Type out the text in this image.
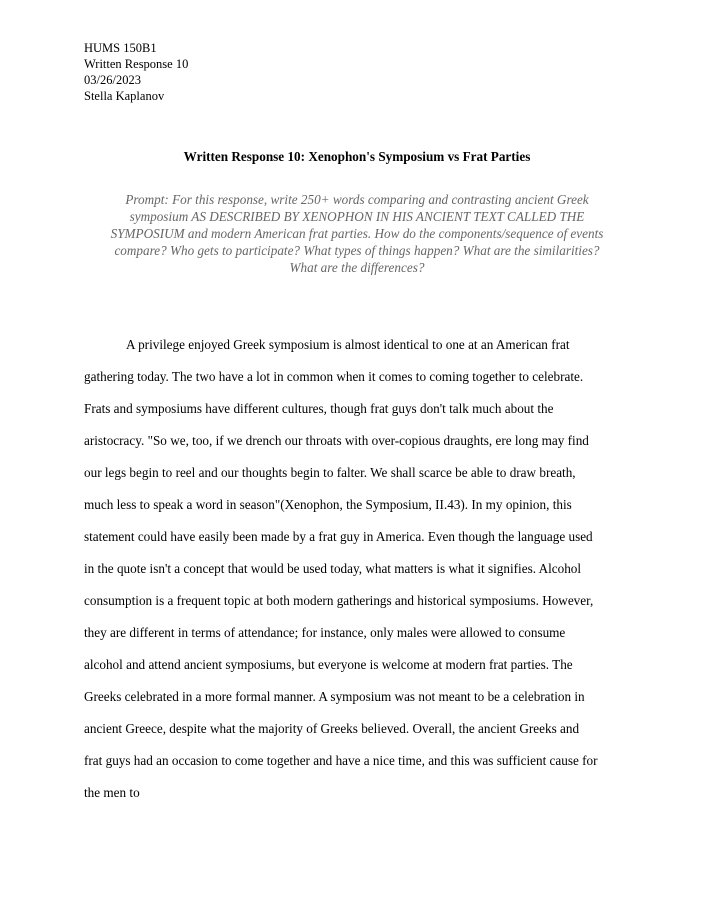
HUMS 150B1
Written Response 10
03/26/2023
Stella Kaplanov
Written Response 10: Xenophon's Symposium vs Frat Parties
Prompt: For this response, write 250+ words comparing and contrasting ancient Greek
symposium AS DESCRIBED BY XENOPHON IN HIS ANCIENT TEXT CALLED THE
SYMPOSIUM and modern American frat parties. How do the components/sequence of events
compare? Who gets to participate? What types of things happen? What are the similarities?
What are the differences?
A privilege enjoyed Greek symposium is almost identical to one at an American frat
gathering today. The two have a lot in common when it comes to coming together to celebrate.
Frats and symposiums have different cultures, though frat guys don't talk much about the
aristocracy. "So we, too, if we drench our throats with over-copious draughts, ere long may find
our legs begin to reel and our thoughts begin to falter. We shall scarce be able to draw breath,
much less to speak a word in season"(Xenophon, the Symposium, II.43). In my opinion, this
statement could have easily been made by a frat guy in America. Even though the language used
in the quote isn't a concept that would be used today, what matters is what it signifies. Alcohol
consumption is a frequent topic at both modern gatherings and historical symposiums. However,
they are different in terms of attendance; for instance, only males were allowed to consume
alcohol and attend ancient symposiums, but everyone is welcome at modern frat parties. The
Greeks celebrated in a more formal manner. A symposium was not meant to be a celebration in
ancient Greece, despite what the majority of Greeks believed. Overall, the ancient Greeks and
frat guys had an occasion to come together and have a nice time, and this was sufficient cause for
the men to
